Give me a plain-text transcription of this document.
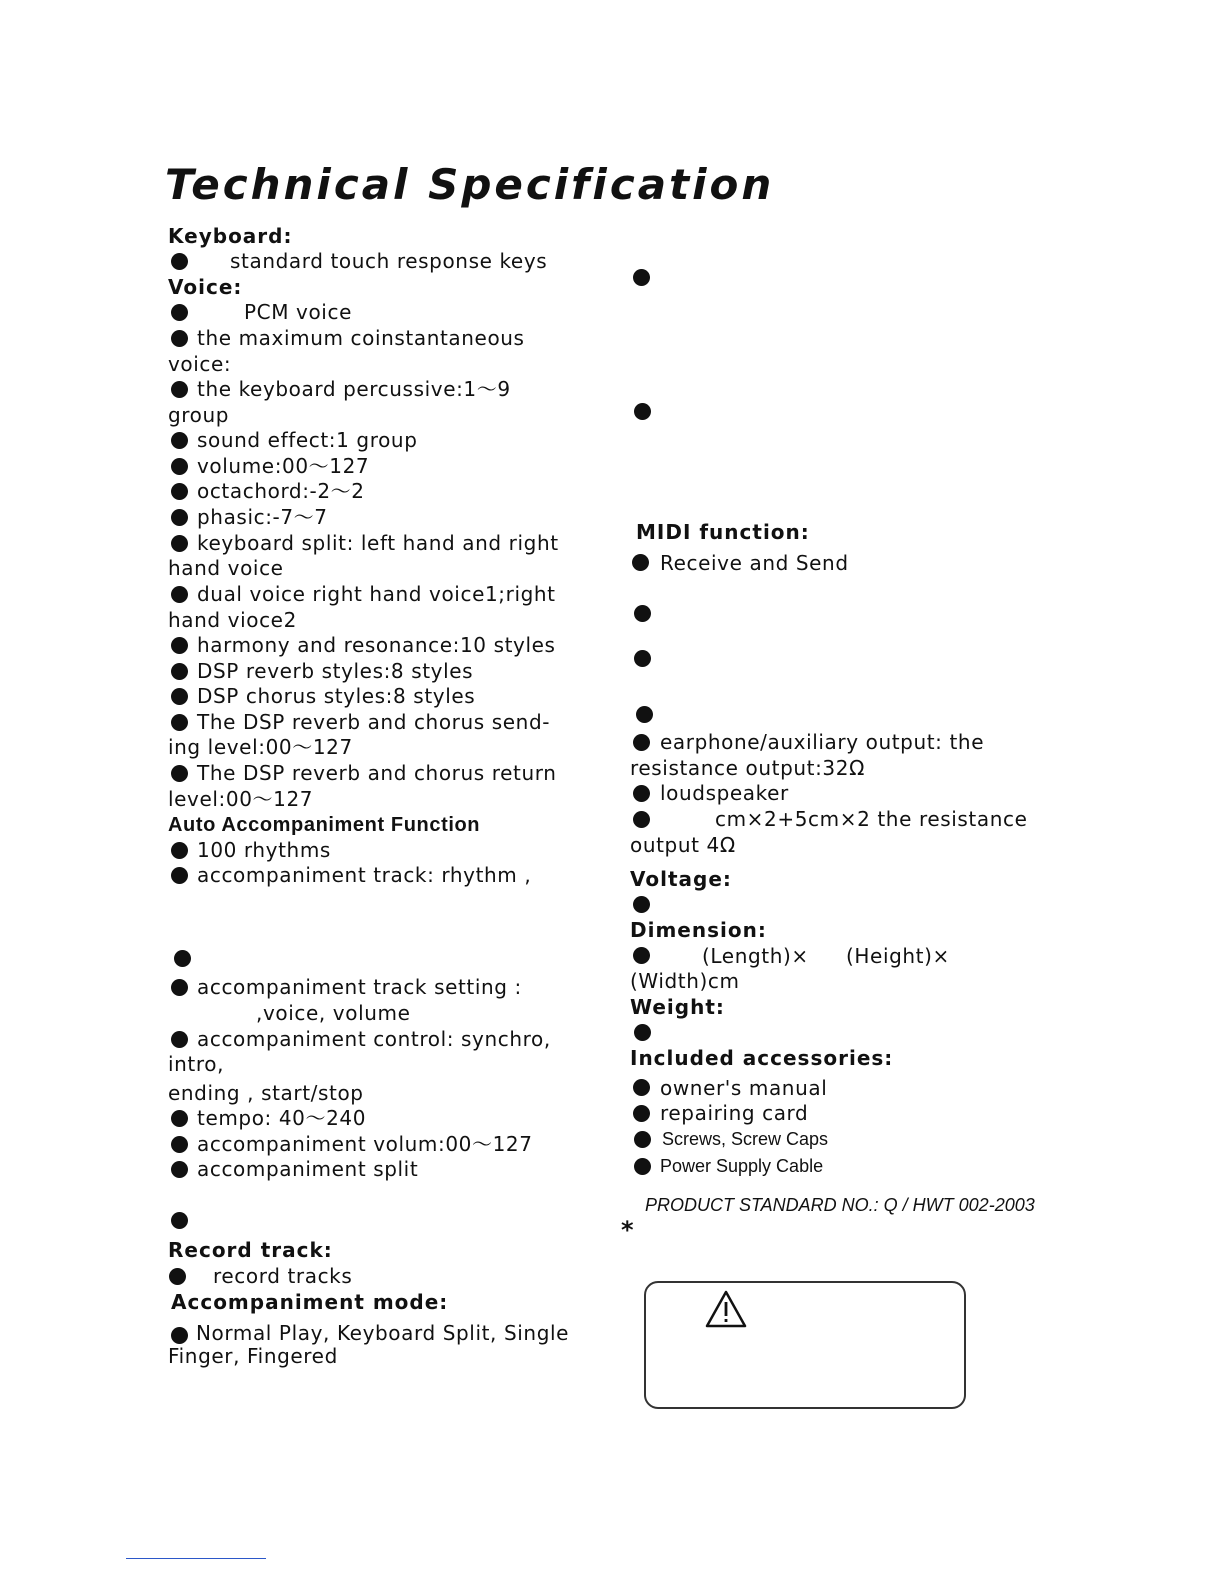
Technical Specification
Keyboard:
standard touch response keys
Voice:
PCM voice
the maximum coinstantaneous
voice:
the keyboard percussive:1～9
group
sound effect:1 group
volume:00～127
octachord:-2～2
phasic:-7～7
keyboard split: left hand and right
hand voice
dual voice right hand voice1;right
hand vioce2
harmony and resonance:10 styles
DSP reverb styles:8 styles
DSP chorus styles:8 styles
The DSP reverb and chorus send-
ing level:00～127
The DSP reverb and chorus return
level:00～127
Auto Accompaniment Function
100 rhythms
accompaniment track: rhythm ,
accompaniment track setting :
,voice, volume
accompaniment control: synchro,
intro,
ending , start/stop
tempo: 40～240
accompaniment volum:00～127
accompaniment split
Record track:
record tracks
Accompaniment mode:
Normal Play, Keyboard Split, Single
Finger, Fingered
MIDI function:
Receive and Send
earphone/auxiliary output: the
resistance output:32Ω
loudspeaker
cm×2+5cm×2 the resistance
output 4Ω
Voltage:
Dimension:
(Length)× (Height)×
(Width)cm
Weight:
Included accessories:
owner's manual
repairing card
Screws, Screw Caps
Power Supply Cable
PRODUCT STANDARD NO.: Q / HWT 002-2003
*
